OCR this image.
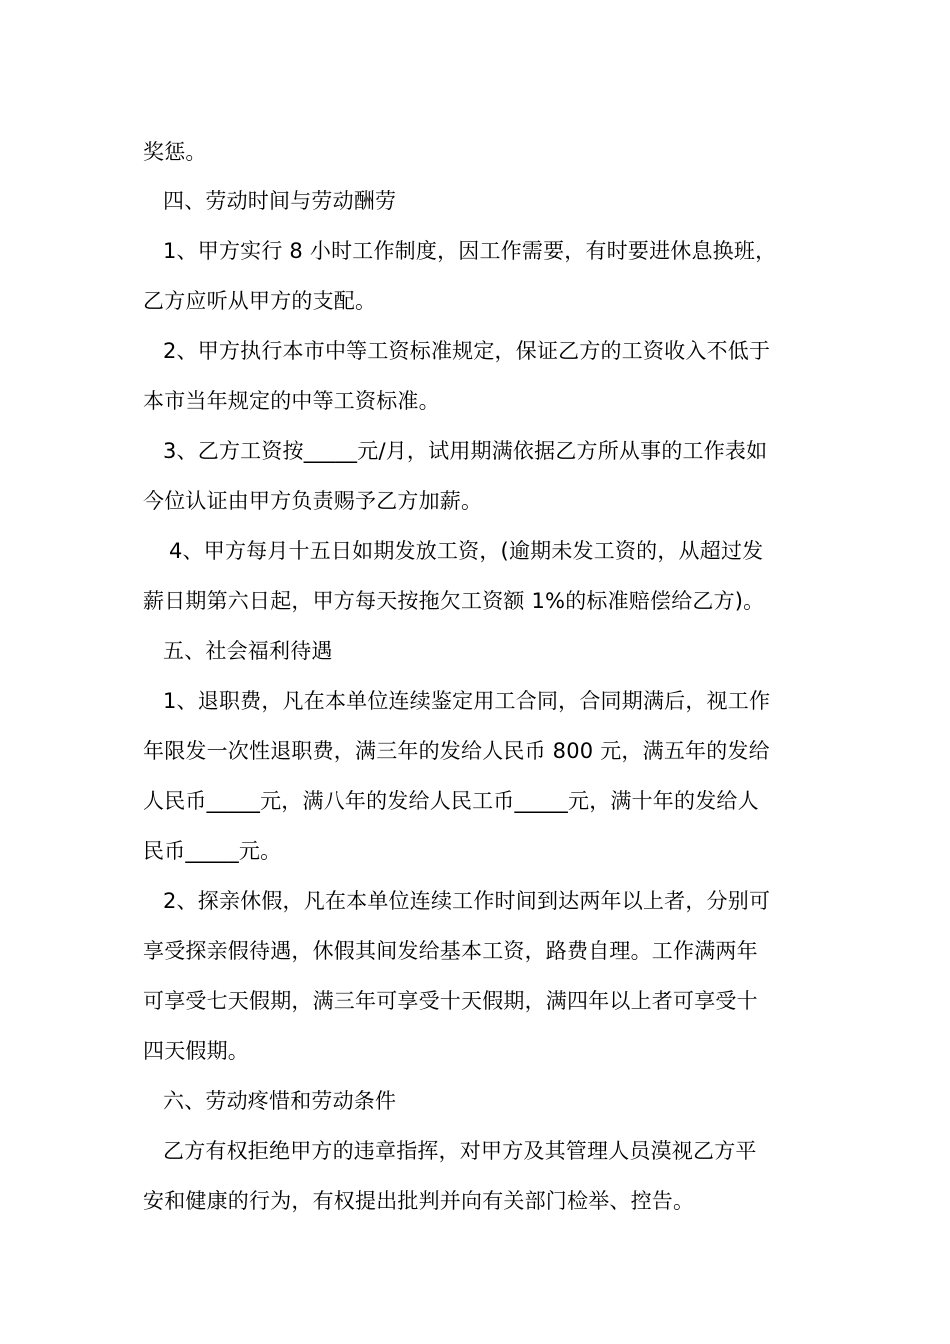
奖惩。
四、劳动时间与劳动酬劳
1、甲方实行 8 小时工作制度，因工作需要，有时要进休息换班，
乙方应听从甲方的支配。
2、甲方执行本市中等工资标准规定，保证乙方的工资收入不低于
本市当年规定的中等工资标准。
3、乙方工资按_____元/月，试用期满依据乙方所从事的工作表如
今位认证由甲方负责赐予乙方加薪。
4、甲方每月十五日如期发放工资，(逾期未发工资的，从超过发
薪日期第六日起，甲方每天按拖欠工资额 1%的标准赔偿给乙方)。
五、社会福利待遇
1、退职费，凡在本单位连续鉴定用工合同，合同期满后，视工作
年限发一次性退职费，满三年的发给人民币 800 元，满五年的发给
人民币_____元，满八年的发给人民工币_____元，满十年的发给人
民币_____元。
2、探亲休假，凡在本单位连续工作时间到达两年以上者，分别可
享受探亲假待遇，休假其间发给基本工资，路费自理。工作满两年
可享受七天假期，满三年可享受十天假期，满四年以上者可享受十
四天假期。
六、劳动疼惜和劳动条件
乙方有权拒绝甲方的违章指挥，对甲方及其管理人员漠视乙方平
安和健康的行为，有权提出批判并向有关部门检举、控告。
